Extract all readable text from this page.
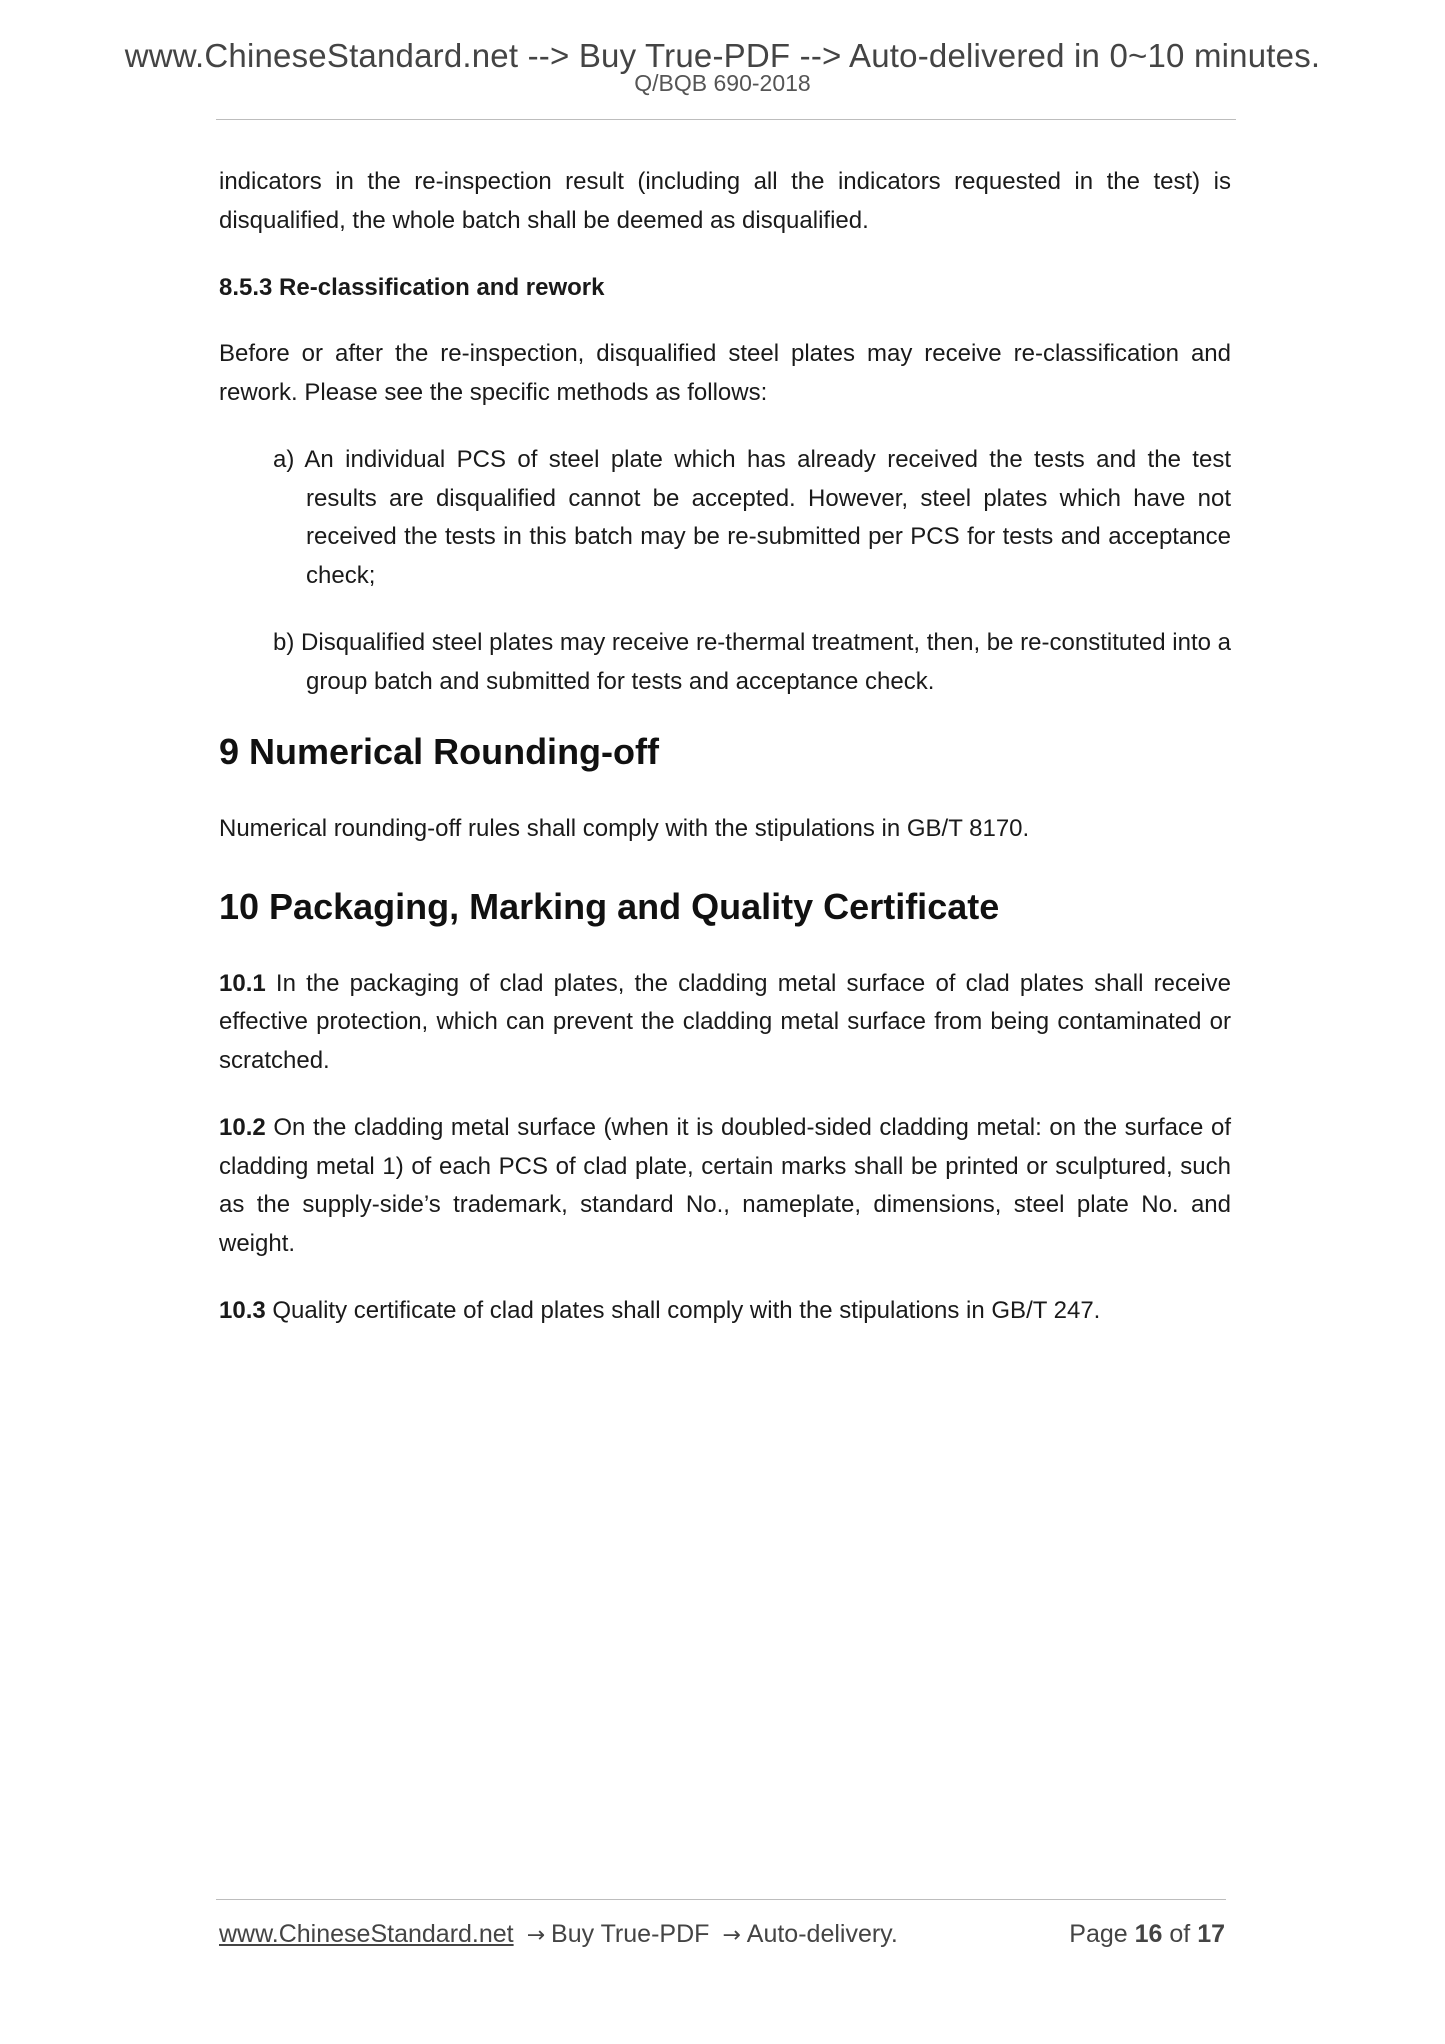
www.ChineseStandard.net --> Buy True-PDF --> Auto-delivered in 0~10 minutes.
Q/BQB 690-2018

indicators in the re-inspection result (including all the indicators requested in the test) is disqualified, the whole batch shall be deemed as disqualified.

8.5.3 Re-classification and rework

Before or after the re-inspection, disqualified steel plates may receive re-classification and rework. Please see the specific methods as follows:

a) An individual PCS of steel plate which has already received the tests and the test results are disqualified cannot be accepted. However, steel plates which have not received the tests in this batch may be re-submitted per PCS for tests and acceptance check;
b) Disqualified steel plates may receive re-thermal treatment, then, be re-constituted into a group batch and submitted for tests and acceptance check.
9 Numerical Rounding-off

Numerical rounding-off rules shall comply with the stipulations in GB/T 8170.

10 Packaging, Marking and Quality Certificate

10.1 In the packaging of clad plates, the cladding metal surface of clad plates shall receive effective protection, which can prevent the cladding metal surface from being contaminated or scratched.

10.2 On the cladding metal surface (when it is doubled-sided cladding metal: on the surface of cladding metal 1) of each PCS of clad plate, certain marks shall be printed or sculptured, such as the supply-side’s trademark, standard No., nameplate, dimensions, steel plate No. and weight.

10.3 Quality certificate of clad plates shall comply with the stipulations in GB/T 247.

www.ChineseStandard.net → Buy True-PDF → Auto-delivery.	Page 16 of 17
